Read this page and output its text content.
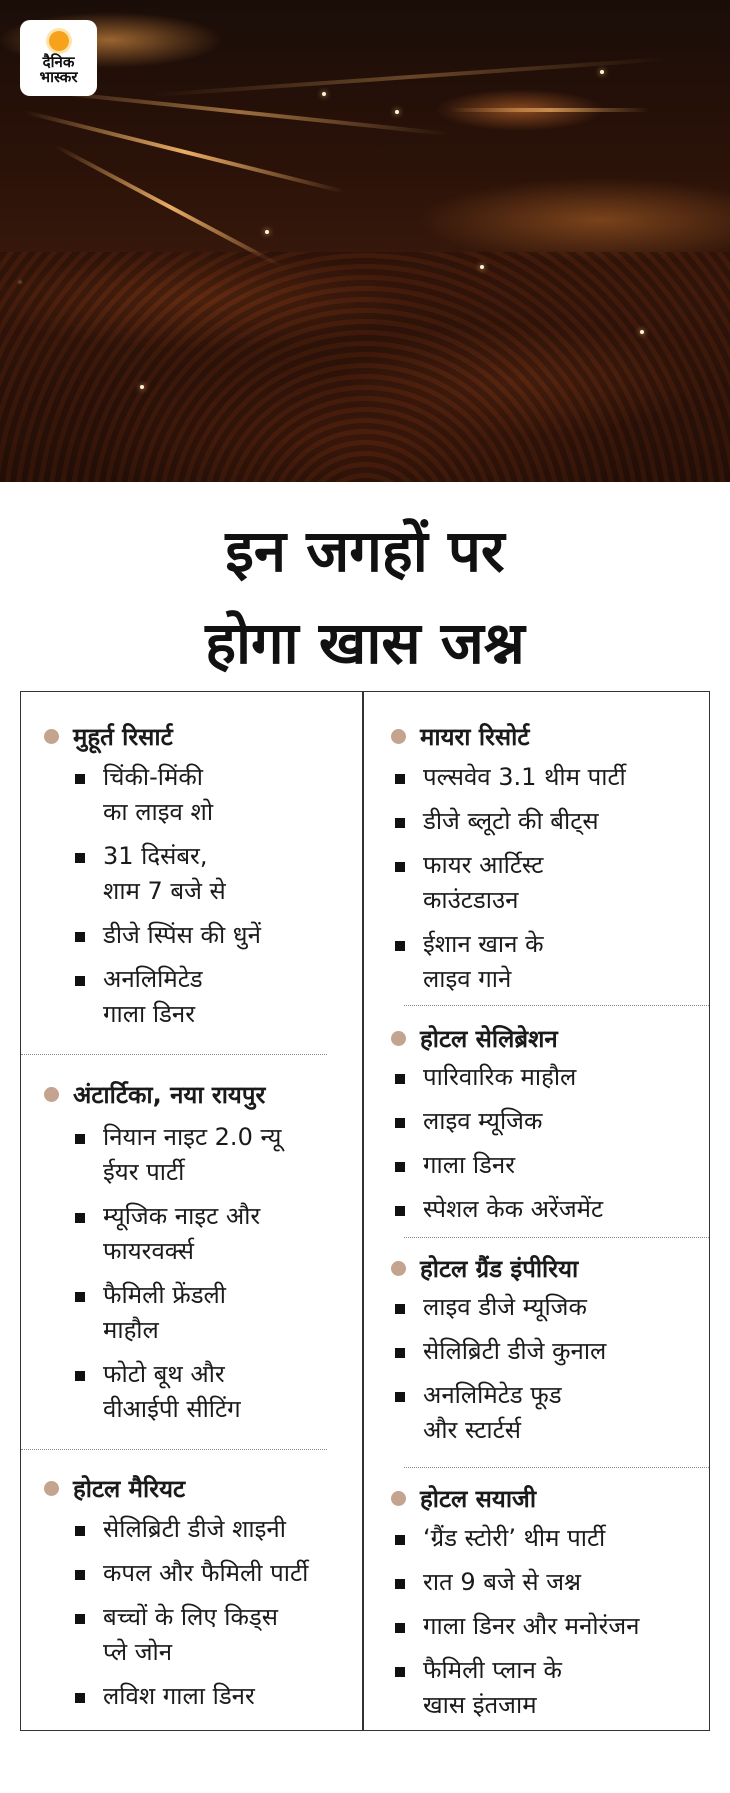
दैनिक
भास्कर
इन जगहों पर
होगा खास जश्न
मुहूर्त रिसार्ट
चिंकी-मिंकी
का लाइव शो
31 दिसंबर,
शाम 7 बजे से
डीजे स्पिंस की धुनें
अनलिमिटेड
गाला डिनर
अंटार्टिका, नया रायपुर
नियान नाइट 2.0 न्यू
ईयर पार्टी
म्यूजिक नाइट और
फायरवर्क्स
फैमिली फ्रेंडली
माहौल
फोटो बूथ और
वीआईपी सीटिंग
होटल मैरियट
सेलिब्रिटी डीजे शाइनी
कपल और फैमिली पार्टी
बच्चों के लिए किड्स
प्ले जोन
लविश गाला डिनर
मायरा रिसोर्ट
पल्सवेव 3.1 थीम पार्टी
डीजे ब्लूटो की बीट्स
फायर आर्टिस्ट
काउंटडाउन
ईशान खान के
लाइव गाने
होटल सेलिब्रेशन
पारिवारिक माहौल
लाइव म्यूजिक
गाला डिनर
स्पेशल केक अरेंजमेंट
होटल ग्रैंड इंपीरिया
लाइव डीजे म्यूजिक
सेलिब्रिटी डीजे कुनाल
अनलिमिटेड फूड
और स्टार्टर्स
होटल सयाजी
‘ग्रैंड स्टोरी’ थीम पार्टी
रात 9 बजे से जश्न
गाला डिनर और मनोरंजन
फैमिली प्लान के
खास इंतजाम
